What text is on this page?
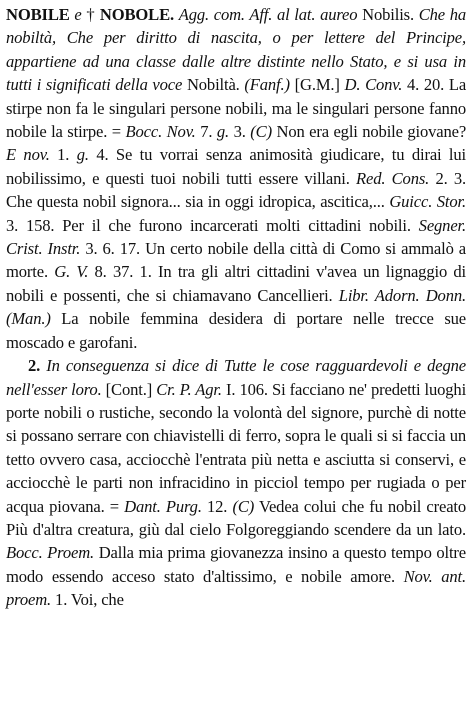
NOBILE e † NOBOLE. Agg. com. Aff. al lat. aureo Nobilis. Che ha nobiltà, Che per diritto di nascita, o per lettere del Principe, appartiene ad una classe dalle altre distinte nello Stato, e si usa in tutti i significati della voce Nobiltà. (Fanf.) [G.M.] D. Conv. 4. 20. La stirpe non fa le singulari persone nobili, ma le singulari persone fanno nobile la stirpe. = Bocc. Nov. 7. g. 3. (C) Non era egli nobile giovane? E nov. 1. g. 4. Se tu vorrai senza animosità giudicare, tu dirai lui nobilissimo, e questi tuoi nobili tutti essere villani. Red. Cons. 2. 3. Che questa nobil signora... sia in oggi idropica, ascitica,... Guicc. Stor. 3. 158. Per il che furono incarcerati molti cittadini nobili. Segner. Crist. Instr. 3. 6. 17. Un certo nobile della città di Como si ammalò a morte. G. V. 8. 37. 1. In tra gli altri cittadini v'avea un lignaggio di nobili e possenti, che si chiamavano Cancellieri. Libr. Adorn. Donn. (Man.) La nobile femmina desidera di portare nelle trecce sue moscado e garofani.

2. In conseguenza si dice di Tutte le cose ragguardevoli e degne nell'esser loro. [Cont.] Cr. P. Agr. I. 106. Si facciano ne' predetti luoghi porte nobili o rustiche, secondo la volontà del signore, purchè di notte si possano serrare con chiavistelli di ferro, sopra le quali si si faccia un tetto ovvero casa, acciocchè l'entrata più netta e asciutta si conservi, e acciocchè le parti non infracidino in picciol tempo per rugiada o per acqua piovana. = Dant. Purg. 12. (C) Vedea colui che fu nobil creato Più d'altra creatura, giù dal cielo Folgoreggiando scendere da un lato. Bocc. Proem. Dalla mia prima giovanezza insino a questo tempo oltre modo essendo acceso stato d'altissimo, e nobile amore. Nov. ant. proem. 1. Voi, che
